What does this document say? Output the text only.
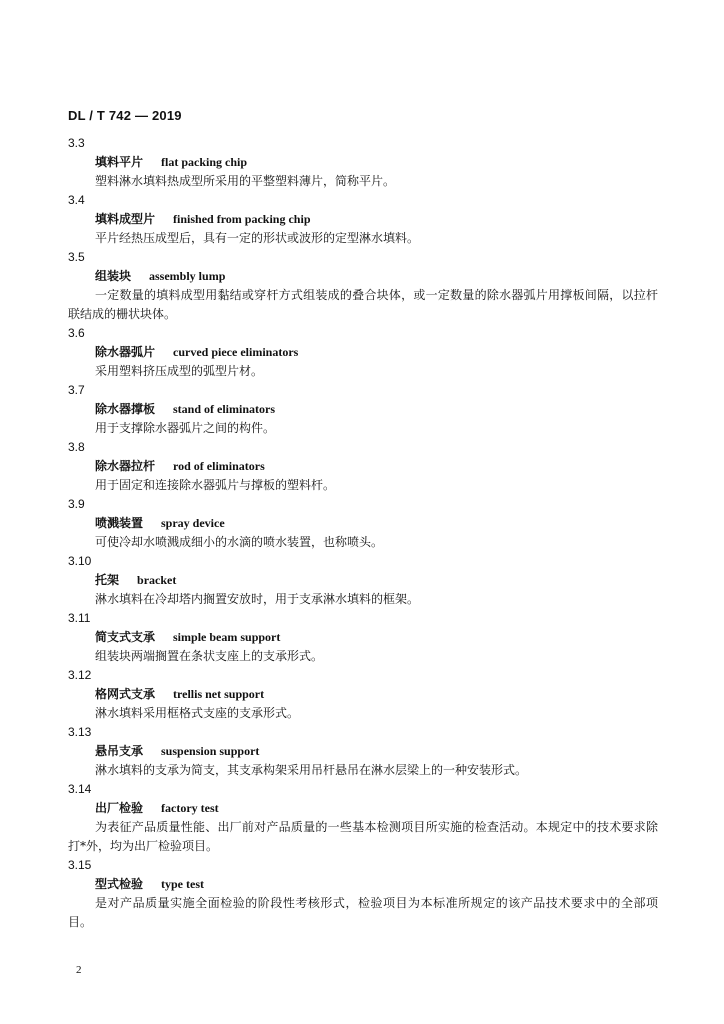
DL / T 742 — 2019
3.3
填料平片 flat packing chip

塑料淋水填料热成型所采用的平整塑料薄片，简称平片。

3.4
填料成型片 finished from packing chip

平片经热压成型后，具有一定的形状或波形的定型淋水填料。

3.5
组装块 assembly lump

一定数量的填料成型用黏结或穿杆方式组装成的叠合块体，或一定数量的除水器弧片用撑板间隔，以拉杆联结成的栅状块体。

3.6
除水器弧片 curved piece eliminators

采用塑料挤压成型的弧型片材。

3.7
除水器撑板 stand of eliminators

用于支撑除水器弧片之间的构件。

3.8
除水器拉杆 rod of eliminators

用于固定和连接除水器弧片与撑板的塑料杆。

3.9
喷溅装置 spray device

可使冷却水喷溅成细小的水滴的喷水装置，也称喷头。

3.10
托架 bracket

淋水填料在冷却塔内搁置安放时，用于支承淋水填料的框架。

3.11
简支式支承 simple beam support

组装块两端搁置在条状支座上的支承形式。

3.12
格网式支承 trellis net support

淋水填料采用框格式支座的支承形式。

3.13
悬吊支承 suspension support

淋水填料的支承为简支，其支承构架采用吊杆悬吊在淋水层梁上的一种安装形式。

3.14
出厂检验 factory test

为表征产品质量性能、出厂前对产品质量的一些基本检测项目所实施的检查活动。本规定中的技术要求除打*外，均为出厂检验项目。

3.15
型式检验 type test

是对产品质量实施全面检验的阶段性考核形式，检验项目为本标准所规定的该产品技术要求中的全部项目。

2
